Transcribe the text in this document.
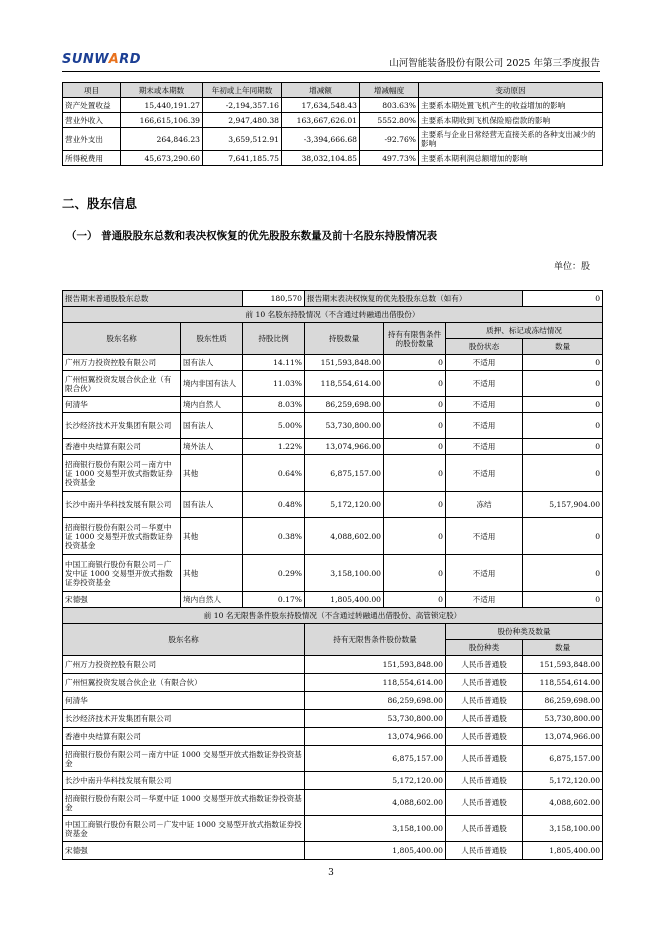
SUNWARD	山河智能装备股份有限公司 2025 年第三季度报告
项目	期末或本期数	年初或上年同期数	增减额	增减幅度	变动原因
资产处置收益	15,440,191.27	-2,194,357.16	17,634,548.43	803.63%	主要系本期处置飞机产生的收益增加的影响
营业外收入	166,615,106.39	2,947,480.38	163,667,626.01	5552.80%	主要系本期收到飞机保险赔偿款的影响
营业外支出	264,846.23	3,659,512.91	-3,394,666.68	-92.76%	主要系与企业日常经营无直接关系的各种支出减少的影响
所得税费用	45,673,290.60	7,641,185.75	38,032,104.85	497.73%	主要系本期利润总额增加的影响
二、股东信息
（一） 普通股股东总数和表决权恢复的优先股股东数量及前十名股东持股情况表
单位：股
报告期末普通股股东总数		180,570	报告期末表决权恢复的优先股股东总数（如有）			0
前 10 名股东持股情况（不含通过转融通出借股份）						
股东名称	股东性质	持股比例	持股数量	持有有限售条件的股份数量	质押、标记或冻结情况	
					股份状态	数量
广州万力投资控股有限公司	国有法人	14.11%	151,593,848.00	0	不适用	0
广州恒翼投资发展合伙企业（有限合伙）	境内非国有法人	11.03%	118,554,614.00	0	不适用	0
何清华	境内自然人	8.03%	86,259,698.00	0	不适用	0
长沙经济技术开发集团有限公司	国有法人	5.00%	53,730,800.00	0	不适用	0
香港中央结算有限公司	境外法人	1.22%	13,074,966.00	0	不适用	0
招商银行股份有限公司－南方中证 1000 交易型开放式指数证券投资基金	其他	0.64%	6,875,157.00	0	不适用	0
长沙中南升华科技发展有限公司	国有法人	0.48%	5,172,120.00	0	冻结	5,157,904.00
招商银行股份有限公司－华夏中证 1000 交易型开放式指数证券投资基金	其他	0.38%	4,088,602.00	0	不适用	0
中国工商银行股份有限公司－广发中证 1000 交易型开放式指数证券投资基金	其他	0.29%	3,158,100.00	0	不适用	0
宋德强	境内自然人	0.17%	1,805,400.00	0	不适用	0
前 10 名无限售条件股东持股情况（不含通过转融通出借股份、高管锁定股）						
股东名称			持有无限售条件股份数量		股份种类及数量	
					股份种类	数量
广州万力投资控股有限公司			151,593,848.00		人民币普通股	151,593,848.00
广州恒翼投资发展合伙企业（有限合伙）			118,554,614.00		人民币普通股	118,554,614.00
何清华			86,259,698.00		人民币普通股	86,259,698.00
长沙经济技术开发集团有限公司			53,730,800.00		人民币普通股	53,730,800.00
香港中央结算有限公司			13,074,966.00		人民币普通股	13,074,966.00
招商银行股份有限公司－南方中证 1000 交易型开放式指数证券投资基金			6,875,157.00		人民币普通股	6,875,157.00
长沙中南升华科技发展有限公司			5,172,120.00		人民币普通股	5,172,120.00
招商银行股份有限公司－华夏中证 1000 交易型开放式指数证券投资基金			4,088,602.00		人民币普通股	4,088,602.00
中国工商银行股份有限公司－广发中证 1000 交易型开放式指数证券投资基金			3,158,100.00		人民币普通股	3,158,100.00
宋德强			1,805,400.00		人民币普通股	1,805,400.00
3
